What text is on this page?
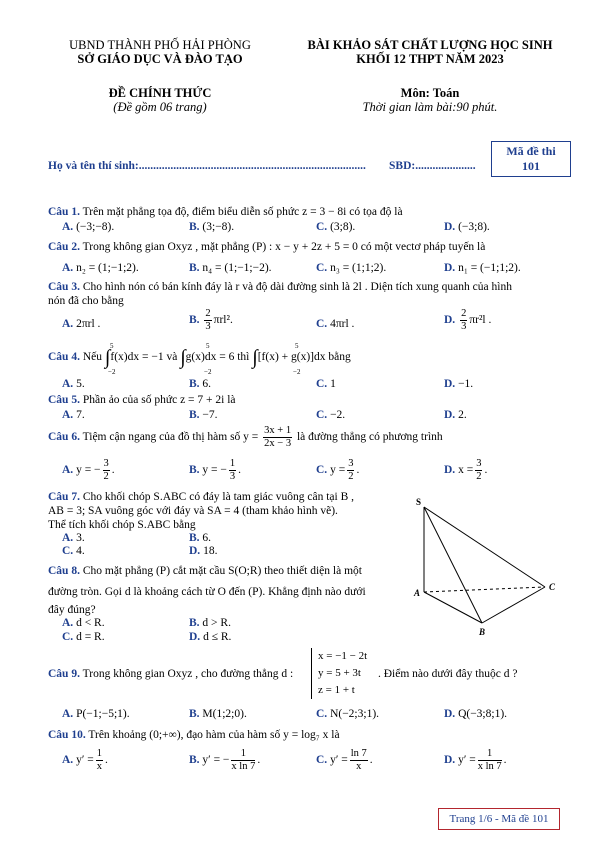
UBND THÀNH PHỐ HẢI PHÒNG
SỞ GIÁO DỤC VÀ ĐÀO TẠO
BÀI KHẢO SÁT CHẤT LƯỢNG HỌC SINH
KHỐI 12 THPT NĂM 2023
ĐỀ CHÍNH THỨC
(Đề gồm 06 trang)
Môn: Toán
Thời gian làm bài:90 phút.
Họ và tên thí sinh:............................................................................... SBD:.....................
Mã đề thi
101
Câu 1. Trên mặt phẳng tọa độ, điểm biểu diễn số phức z = 3 − 8i có tọa độ là
A. (−3;−8).	B. (3;−8).	C. (3;8).	D. (−3;8).
Câu 2. Trong không gian Oxyz , mặt phẳng (P) : x − y + 2z + 5 = 0 có một vectơ pháp tuyến là
A. n₂ = (1;−1;2).	B. n₄ = (1;−1;−2).	C. n₃ = (1;1;2).	D. n₁ = (−1;1;2).
Câu 3. Cho hình nón có bán kính đáy là r và độ dài đường sinh là 2l . Diện tích xung quanh của hình
nón đã cho bằng
A. 2πrl .	B. $\frac{2}{3} \pi rl^2$.	C. 4πrl .	D. $\frac{2}{3} \pi r^2l$ .
Câu 4. Nếu ∫f(x)dx = −1 và ∫g(x)dx = 6 thì ∫[f(x) + g(x)]dx bằng
5
−2
5
−2
5
−2
A. 5.	B. 6.	C. 1	D. −1.
Câu 5. Phần ảo của số phức z = 7 + 2i là
A. 7.	B. −7.	C. −2.	D. 2.
Câu 6. Tiệm cận ngang của đồ thị hàm số $y = \frac{3x + 1}{2x - 3}$ là đường thẳng có phương trình
A. y = − $\frac{3}{2}$ .	B. y = − $\frac{1}{3}$ .	C. $y = \frac{3}{2}$ .	D. $x = \frac{3}{2}$ .
Câu 7. Cho khối chóp S.ABC có đáy là tam giác vuông cân tại B ,
AB = 3; SA vuông góc với đáy và SA = 4 (tham khảo hình vẽ).
Thể tích khối chóp S.ABC bằng
A. 3.	B. 6.
C. 4.	D. 18.
S
A
B
C
Câu 8. Cho mặt phẳng (P) cắt mặt cầu S(O;R) theo thiết diện là một
đường tròn. Gọi d là khoảng cách từ O đến (P). Khẳng định nào dưới
đây đúng?
A. d < R.	B. d > R.
C. d = R.	D. d ≤ R.
Câu 9. Trong không gian Oxyz , cho đường thẳng d :
x = −1 − 2t
y = 5 + 3t
z = 1 + t
. Điểm nào dưới đây thuộc d ?
A. P(−1;−5;1).	B. M(1;2;0).	C. N(−2;3;1).	D. Q(−3;8;1).
Câu 10. Trên khoảng (0;+∞), đạo hàm của hàm số y = log₇ x là
A. $y' = \frac{1}{x}$ .	B. y′ = − $\frac{1}{\text{x ln 7}}$ .	C. $y' = \frac{\ln 7}{x}$ .	D. $y' = \frac{1}{\text{x ln 7}}$ .
Trang 1/6 - Mã đề 101
